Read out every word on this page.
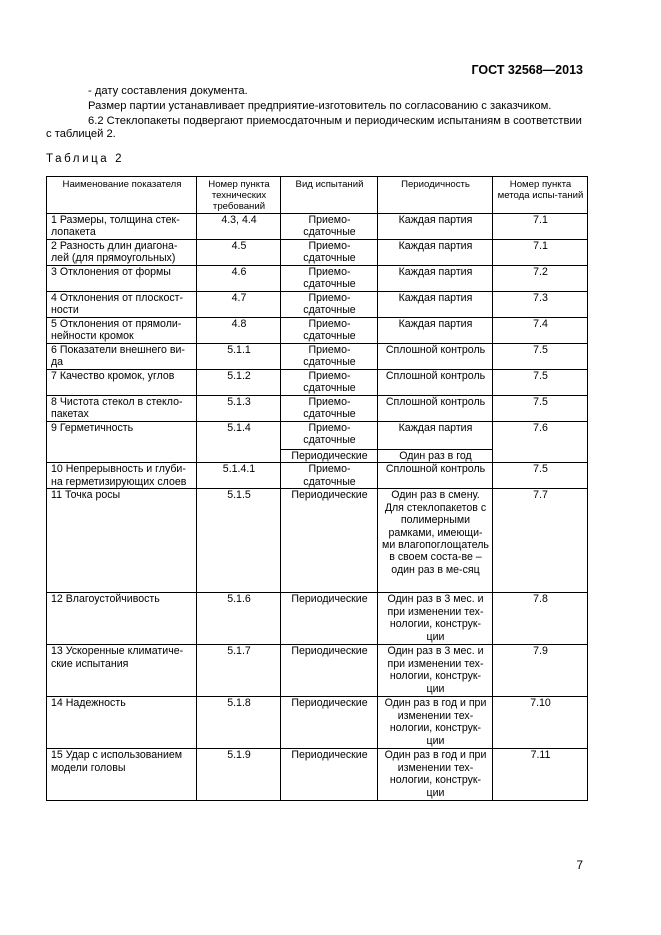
ГОСТ 32568—2013
- дату составления документа.
Размер партии устанавливает предприятие-изготовитель по согласованию с заказчиком.
6.2 Стеклопакеты подвергают приемосдаточным и периодическим испытаниям в соответствии с таблицей 2.
Таблица 2
Наименование показателя	Номер пункта технических требований	Вид испытаний	Периодичность	Номер пункта метода испы-таний
1 Размеры, толщина стек-лопакета	4.3, 4.4	Приемо-сдаточные	Каждая партия	7.1
2 Разность длин диагона-лей (для прямоугольных)	4.5	Приемо-сдаточные	Каждая партия	7.1
3 Отклонения от формы	4.6	Приемо-сдаточные	Каждая партия	7.2
4 Отклонения от плоскост-ности	4.7	Приемо-сдаточные	Каждая партия	7.3
5 Отклонения от прямоли-нейности кромок	4.8	Приемо-сдаточные	Каждая партия	7.4
6 Показатели внешнего ви-да	5.1.1	Приемо-сдаточные	Сплошной контроль	7.5
7 Качество кромок, углов	5.1.2	Приемо-сдаточные	Сплошной контроль	7.5
8 Чистота стекол в стекло-пакетах	5.1.3	Приемо-сдаточные	Сплошной контроль	7.5
9 Герметичность	5.1.4	Приемо-сдаточные	Каждая партия	7.6
		Периодические	Один раз в год	
10 Непрерывность и глуби-на герметизирующих слоев	5.1.4.1	Приемо-сдаточные	Сплошной контроль	7.5
11 Точка росы	5.1.5	Периодические	Один раз в смену. Для стеклопакетов с полимерными рамками, имеющи-ми влагопоглощатель в своем соста-ве – один раз в ме-сяц	7.7
12 Влагоустойчивость	5.1.6	Периодические	Один раз в 3 мес. и при изменении тех-нологии, конструк-ции	7.8
13 Ускоренные климатиче-ские испытания	5.1.7	Периодические	Один раз в 3 мес. и при изменении тех-нологии, конструк-ции	7.9
14 Надежность	5.1.8	Периодические	Один раз в год и при изменении тех-нологии, конструк-ции	7.10
15 Удар с использованием модели головы	5.1.9	Периодические	Один раз в год и при изменении тех-нологии, конструк-ции	7.11
7
